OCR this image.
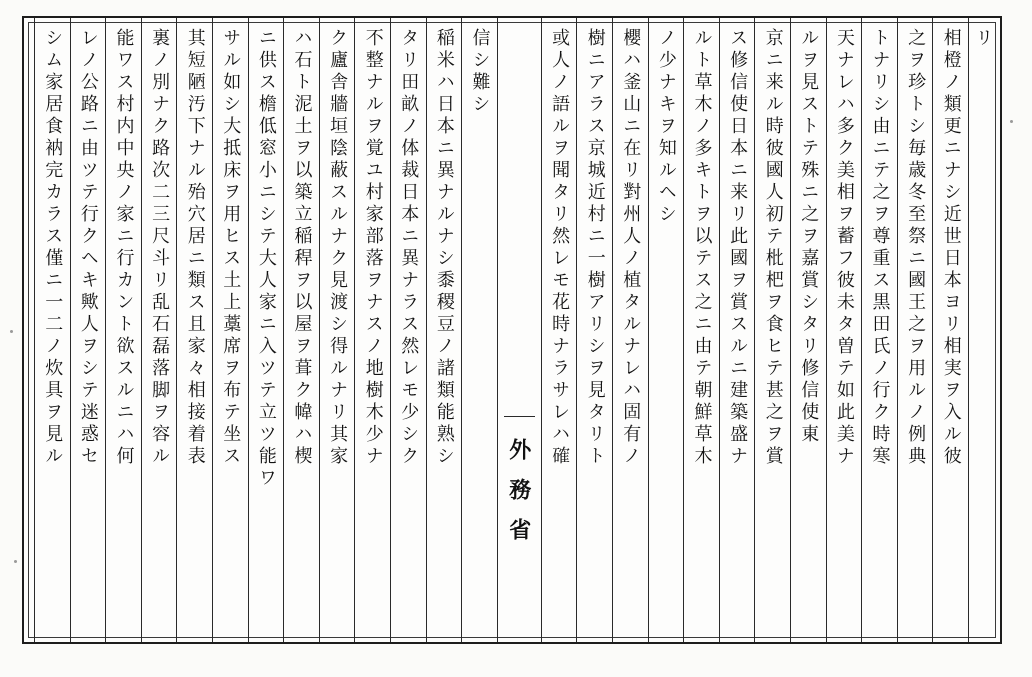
リ
相橙ノ類更ニナシ近世日本ヨリ相実ヲ入ル彼
之ヲ珍トシ毎歳冬至祭ニ國王之ヲ用ルノ例典
トナリシ由ニテ之ヲ尊重ス黒田氏ノ行ク時寒
天ナレハ多ク美相ヲ蓄フ彼未タ曽テ如此美ナ
ルヲ見ストテ殊ニ之ヲ嘉賞シタリ修信使東
京ニ来ル時彼國人初テ枇杷ヲ食ヒテ甚之ヲ賞
ス修信使日本ニ来リ此國ヲ賞スルニ建築盛ナ
ルト草木ノ多キトヲ以テス之ニ由テ朝鮮草木
ノ少ナキヲ知ルヘシ
櫻ハ釜山ニ在リ對州人ノ植タルナレハ固有ノ
樹ニアラス京城近村ニ一樹アリシヲ見タリト
或人ノ語ルヲ聞タリ然レモ花時ナラサレハ確
外務省
信シ難シ
稲米ハ日本ニ異ナルナシ黍稷豆ノ諸類能熟シ
タリ田畝ノ体裁日本ニ異ナラス然レモ少シク
不整ナルヲ覚ユ村家部落ヲナスノ地樹木少ナ
ク廬舎牆垣陰蔽スルナク見渡シ得ルナリ其家
ハ石ト泥土ヲ以築立稲稈ヲ以屋ヲ葺ク幃ハ楔
ニ供ス檐低窓小ニシテ大人家ニ入ツテ立ツ能ワ
サル如シ大抵床ヲ用ヒス土上藁席ヲ布テ坐ス
其短陋汚下ナル殆穴居ニ類ス且家々相接着表
裏ノ別ナク路次二三尺斗リ乱石磊落脚ヲ容ル
能ワス村内中央ノ家ニ行カント欲スルニハ何
レノ公路ニ由ツテ行クヘキ歟人ヲシテ迷惑セ
シム家居食衲完カラス僅ニ一二ノ炊具ヲ見ル
